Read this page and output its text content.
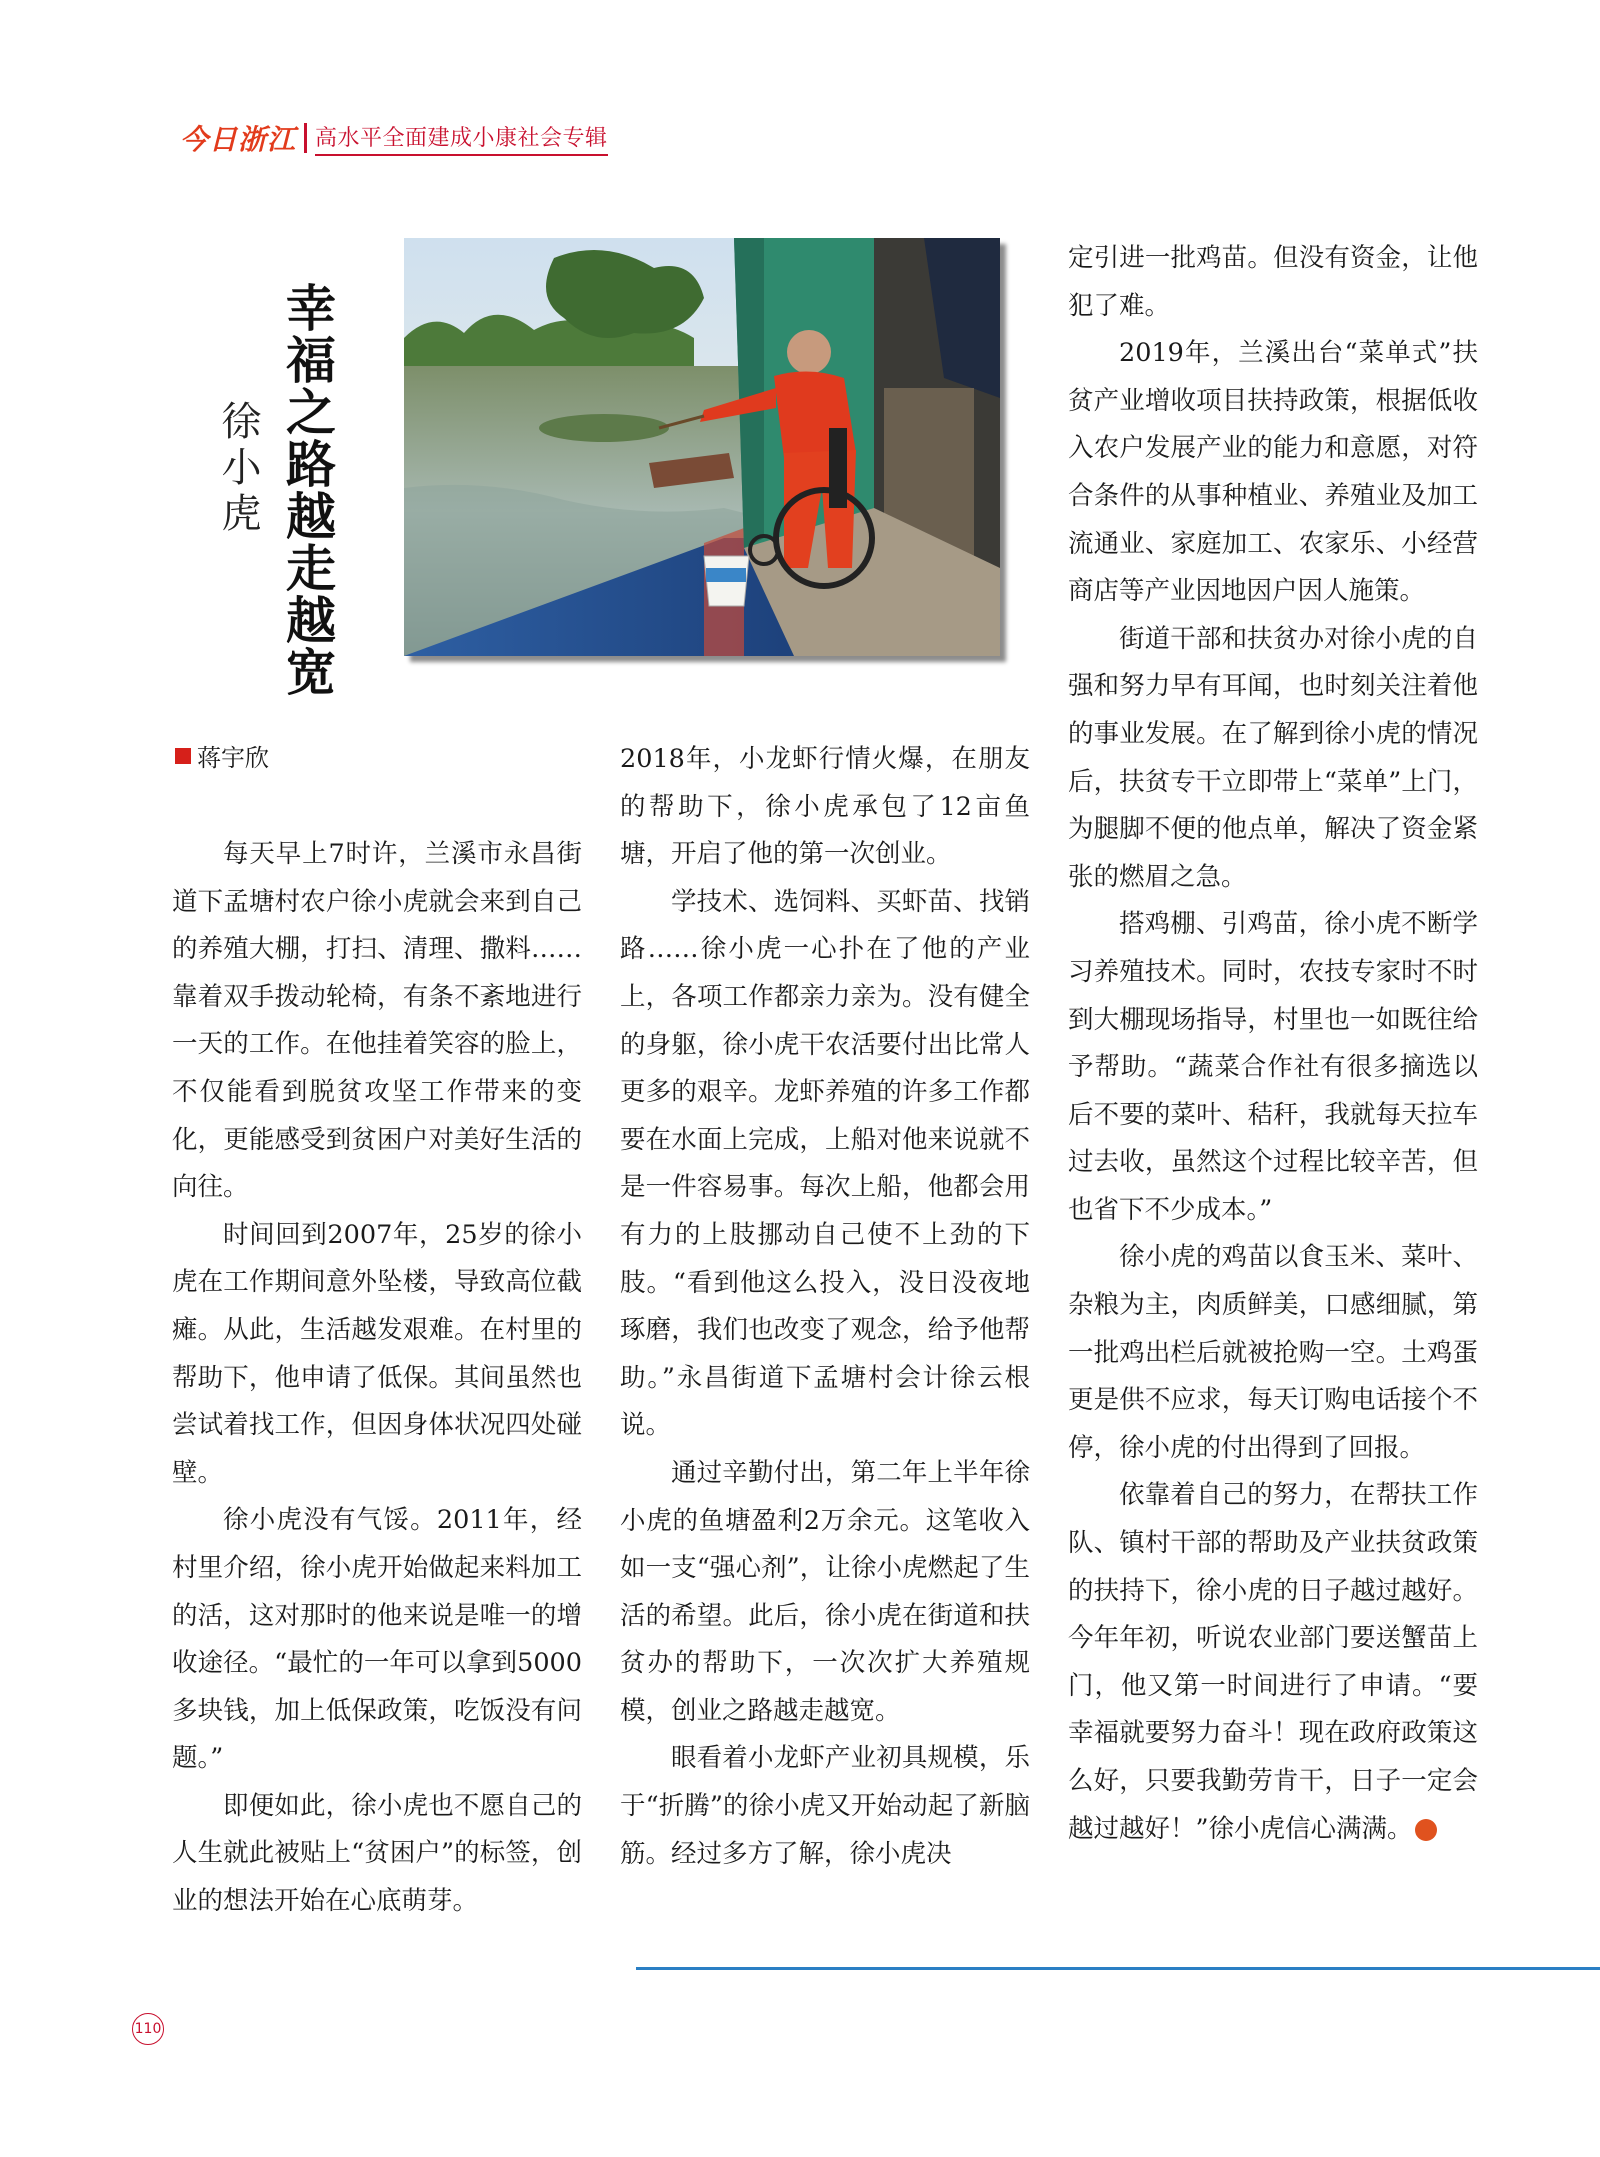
今日浙江 高水平全面建成小康社会专辑
幸福之路越走越宽
徐小虎
蒋宇欣

每天早上7时许，兰溪市永昌街道下孟塘村农户徐小虎就会来到自己的养殖大棚，打扫、清理、撒料……靠着双手拨动轮椅，有条不紊地进行一天的工作。在他挂着笑容的脸上，不仅能看到脱贫攻坚工作带来的变化，更能感受到贫困户对美好生活的向往。

时间回到2007年，25岁的徐小虎在工作期间意外坠楼，导致高位截瘫。从此，生活越发艰难。在村里的帮助下，他申请了低保。其间虽然也尝试着找工作，但因身体状况四处碰壁。

徐小虎没有气馁。2011年，经村里介绍，徐小虎开始做起来料加工的活，这对那时的他来说是唯一的增收途径。“最忙的一年可以拿到5000多块钱，加上低保政策，吃饭没有问题。”

即便如此，徐小虎也不愿自己的人生就此被贴上“贫困户”的标签，创业的想法开始在心底萌芽。

2018年，小龙虾行情火爆，在朋友的帮助下，徐小虎承包了12亩鱼塘，开启了他的第一次创业。

学技术、选饲料、买虾苗、找销路……徐小虎一心扑在了他的产业上，各项工作都亲力亲为。没有健全的身躯，徐小虎干农活要付出比常人更多的艰辛。龙虾养殖的许多工作都要在水面上完成，上船对他来说就不是一件容易事。每次上船，他都会用有力的上肢挪动自己使不上劲的下肢。“看到他这么投入，没日没夜地琢磨，我们也改变了观念，给予他帮助。”永昌街道下孟塘村会计徐云根说。

通过辛勤付出，第二年上半年徐小虎的鱼塘盈利2万余元。这笔收入如一支“强心剂”，让徐小虎燃起了生活的希望。此后，徐小虎在街道和扶贫办的帮助下，一次次扩大养殖规模，创业之路越走越宽。

眼看着小龙虾产业初具规模，乐于“折腾”的徐小虎又开始动起了新脑筋。经过多方了解，徐小虎决

定引进一批鸡苗。但没有资金，让他犯了难。

2019年，兰溪出台“菜单式”扶贫产业增收项目扶持政策，根据低收入农户发展产业的能力和意愿，对符合条件的从事种植业、养殖业及加工流通业、家庭加工、农家乐、小经营商店等产业因地因户因人施策。

街道干部和扶贫办对徐小虎的自强和努力早有耳闻，也时刻关注着他的事业发展。在了解到徐小虎的情况后，扶贫专干立即带上“菜单”上门，为腿脚不便的他点单，解决了资金紧张的燃眉之急。

搭鸡棚、引鸡苗，徐小虎不断学习养殖技术。同时，农技专家时不时到大棚现场指导，村里也一如既往给予帮助。“蔬菜合作社有很多摘选以后不要的菜叶、秸秆，我就每天拉车过去收，虽然这个过程比较辛苦，但也省下不少成本。”

徐小虎的鸡苗以食玉米、菜叶、杂粮为主，肉质鲜美，口感细腻，第一批鸡出栏后就被抢购一空。土鸡蛋更是供不应求，每天订购电话接个不停，徐小虎的付出得到了回报。

依靠着自己的努力，在帮扶工作队、镇村干部的帮助及产业扶贫政策的扶持下，徐小虎的日子越过越好。今年年初，听说农业部门要送蟹苗上门，他又第一时间进行了申请。“要幸福就要努力奋斗！现在政府政策这么好，只要我勤劳肯干，日子一定会越过越好！”徐小虎信心满满。	今

110
